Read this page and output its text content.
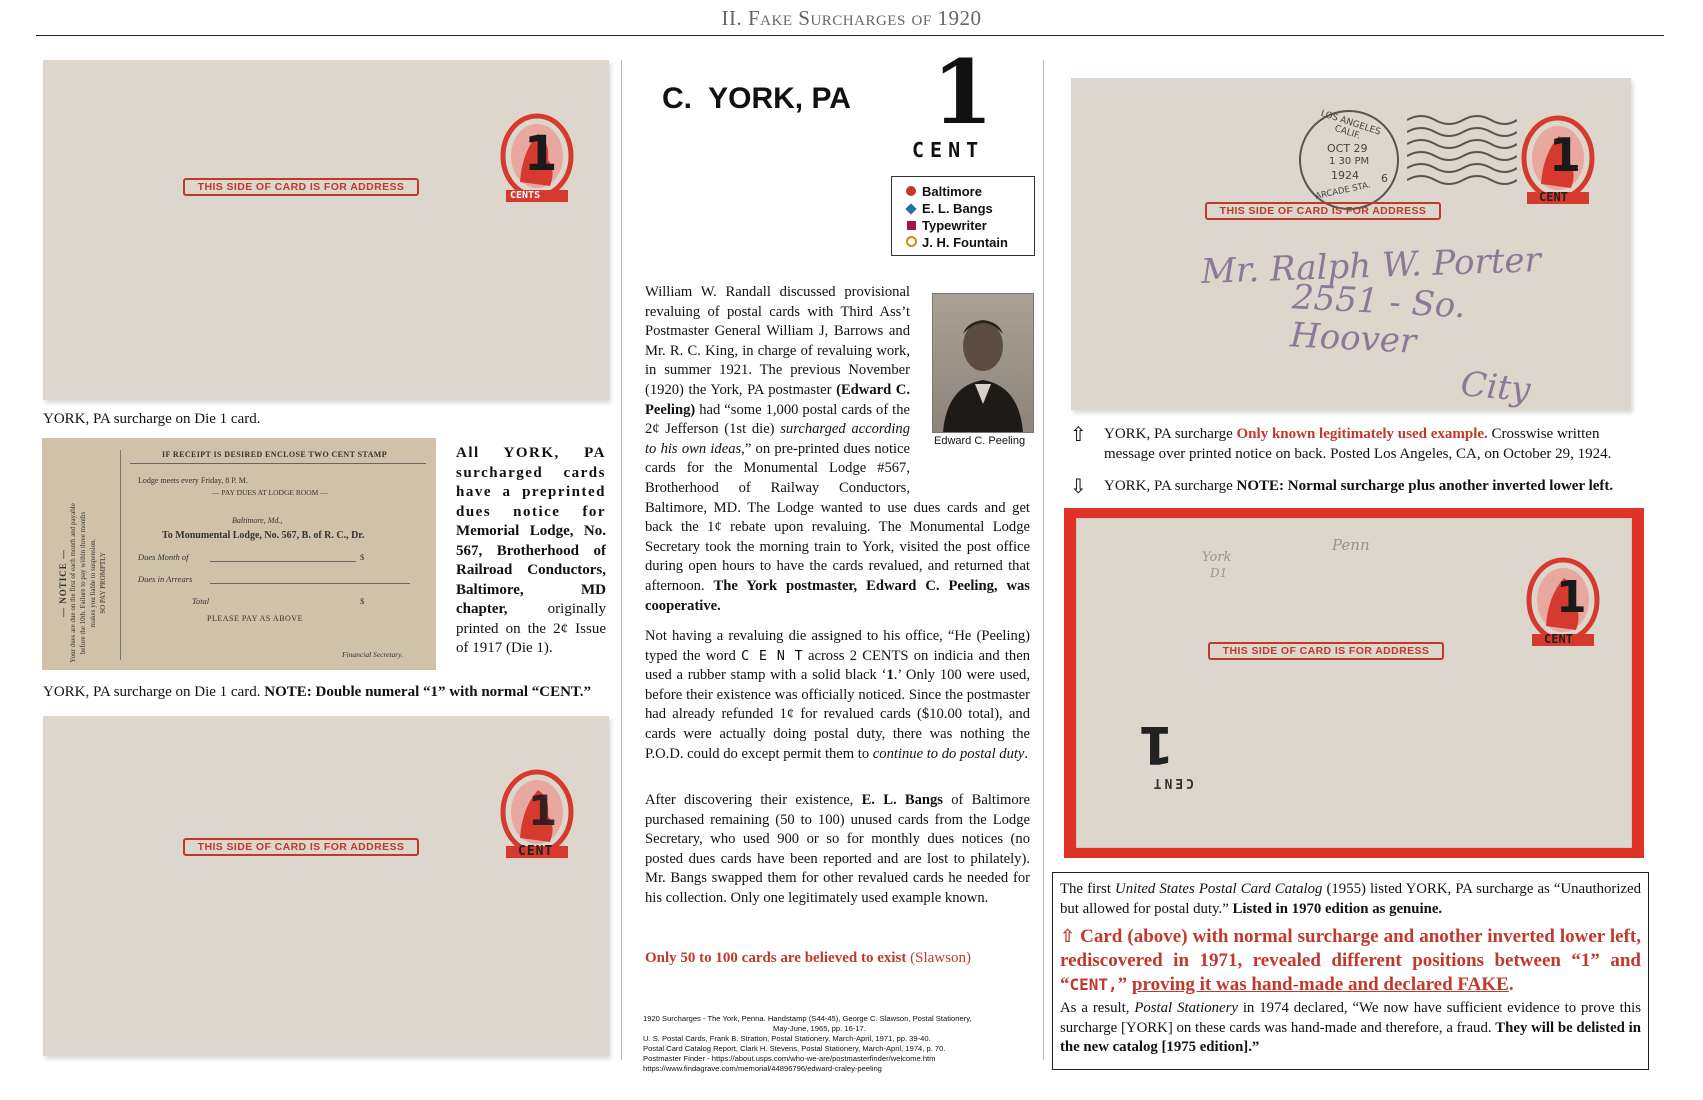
II. Fake Surcharges of 1920
1
CENTS
THIS SIDE OF CARD IS FOR ADDRESS
YORK, PA surcharge on Die 1 card.
— NOTICE — Your dues are due on the first of each month and payable before the 10th. Failure to pay within three months makes you liable to suspension. SO PAY PROMPTLY
IF RECEIPT IS DESIRED ENCLOSE TWO CENT STAMP
Lodge meets every Friday, 8 P. M.
— PAY DUES AT LODGE ROOM —
Baltimore, Md.,
To Monumental Lodge, No. 567, B. of R. C., Dr.
Dues Month of	$
Dues in Arrears
Total	$
PLEASE PAY AS ABOVE
Financial Secretary.
All YORK, PA surcharged cards have a preprinted dues notice for Memorial Lodge, No. 567, Brotherhood of Railroad Conductors, Baltimore, MD chapter,	originally printed on the 2¢ Issue of 1917 (Die 1).
YORK, PA surcharge on Die 1 card. NOTE: Double numeral “1” with normal “CENT.”
1
CENT
THIS SIDE OF CARD IS FOR ADDRESS
C.  YORK, PA 1
CENT
Baltimore
E. L. Bangs
Typewriter
J. H. Fountain
Edward C. Peeling
William W. Randall discussed provisional revaluing of postal cards with Third Ass’t Postmaster General William J, Barrows and Mr. R. C. King, in charge of revaluing work, in summer 1921. The previous November (1920) the York, PA postmaster (Edward C. Peeling) had “some 1,000 postal cards of the 2¢ Jefferson (1st die) surcharged according to his own ideas,” on pre-printed dues notice cards for the Monumental Lodge #567, Brotherhood of Railway Conductors, Baltimore, MD. The Lodge wanted to use dues cards and get back the 1¢ rebate upon revaluing. The Monumental Lodge Secretary took the morning train to York, visited the post office during open hours to have the cards revalued, and returned that afternoon. The York postmaster, Edward C. Peeling, was cooperative.
Not having a revaluing die assigned to his office, “He (Peeling) typed the word C E N T across 2 CENTS on indicia and then used a rubber stamp with a solid black ‘1.’ Only 100 were used, before their existence was officially noticed. Since the postmaster had already refunded 1¢ for revalued cards ($10.00 total), and cards were actually doing postal duty, there was nothing the P.O.D. could do except permit them to continue to do postal duty.
After discovering their existence, E. L. Bangs of Baltimore purchased remaining (50 to 100) unused cards from the Lodge Secretary, who used 900 or so for monthly dues notices (no posted dues cards have been reported and are lost to philately). Mr. Bangs swapped them for other revalued cards he needed for his collection. Only one legitimately used example known.
Only 50 to 100 cards are believed to exist (Slawson)
1920 Surcharges - The York, Penna. Handstamp (S44-45), George C. Slawson, Postal Stationery,
May-June, 1965, pp. 16-17.
U. S. Postal Cards, Frank B. Stratton, Postal Stationery, March-April, 1971, pp. 39-40.
Postal Card Catalog Report, Clark H. Stevens, Postal Stationery, March-April, 1974, p. 70.
Postmaster Finder - https://about.usps.com/who-we-are/postmasterfinder/welcome.htm
https://www.findagrave.com/memorial/44896796/edward-craley-peeling
LOS ANGELES CALIF.
OCT 29
1 30 PM
1924
ARCADE STA.
6	1
CENT
THIS SIDE OF CARD IS FOR ADDRESS
Mr. Ralph W. Porter
2551 - So. Hoover
City
⇧ YORK, PA surcharge Only known legitimately used example. Crosswise written message over printed notice on back. Posted Los Angeles, CA, on October 29, 1924.
⇩ YORK, PA surcharge NOTE: Normal surcharge plus another inverted lower left.
Penn
York
D1	1
CENT
THIS SIDE OF CARD IS FOR ADDRESS
CENT
1
The first United States Postal Card Catalog (1955) listed YORK, PA surcharge as “Unauthorized but allowed for postal duty.” Listed in 1970 edition as genuine.
⇧ Card (above) with normal surcharge and another inverted lower left, rediscovered in 1971, revealed different positions between “1” and “CENT,” proving it was hand-made and declared FAKE.
As a result, Postal Stationery in 1974 declared, “We now have sufficient evidence to prove this surcharge [YORK] on these cards was hand-made and therefore, a fraud. They will be delisted in the new catalog [1975 edition].”
